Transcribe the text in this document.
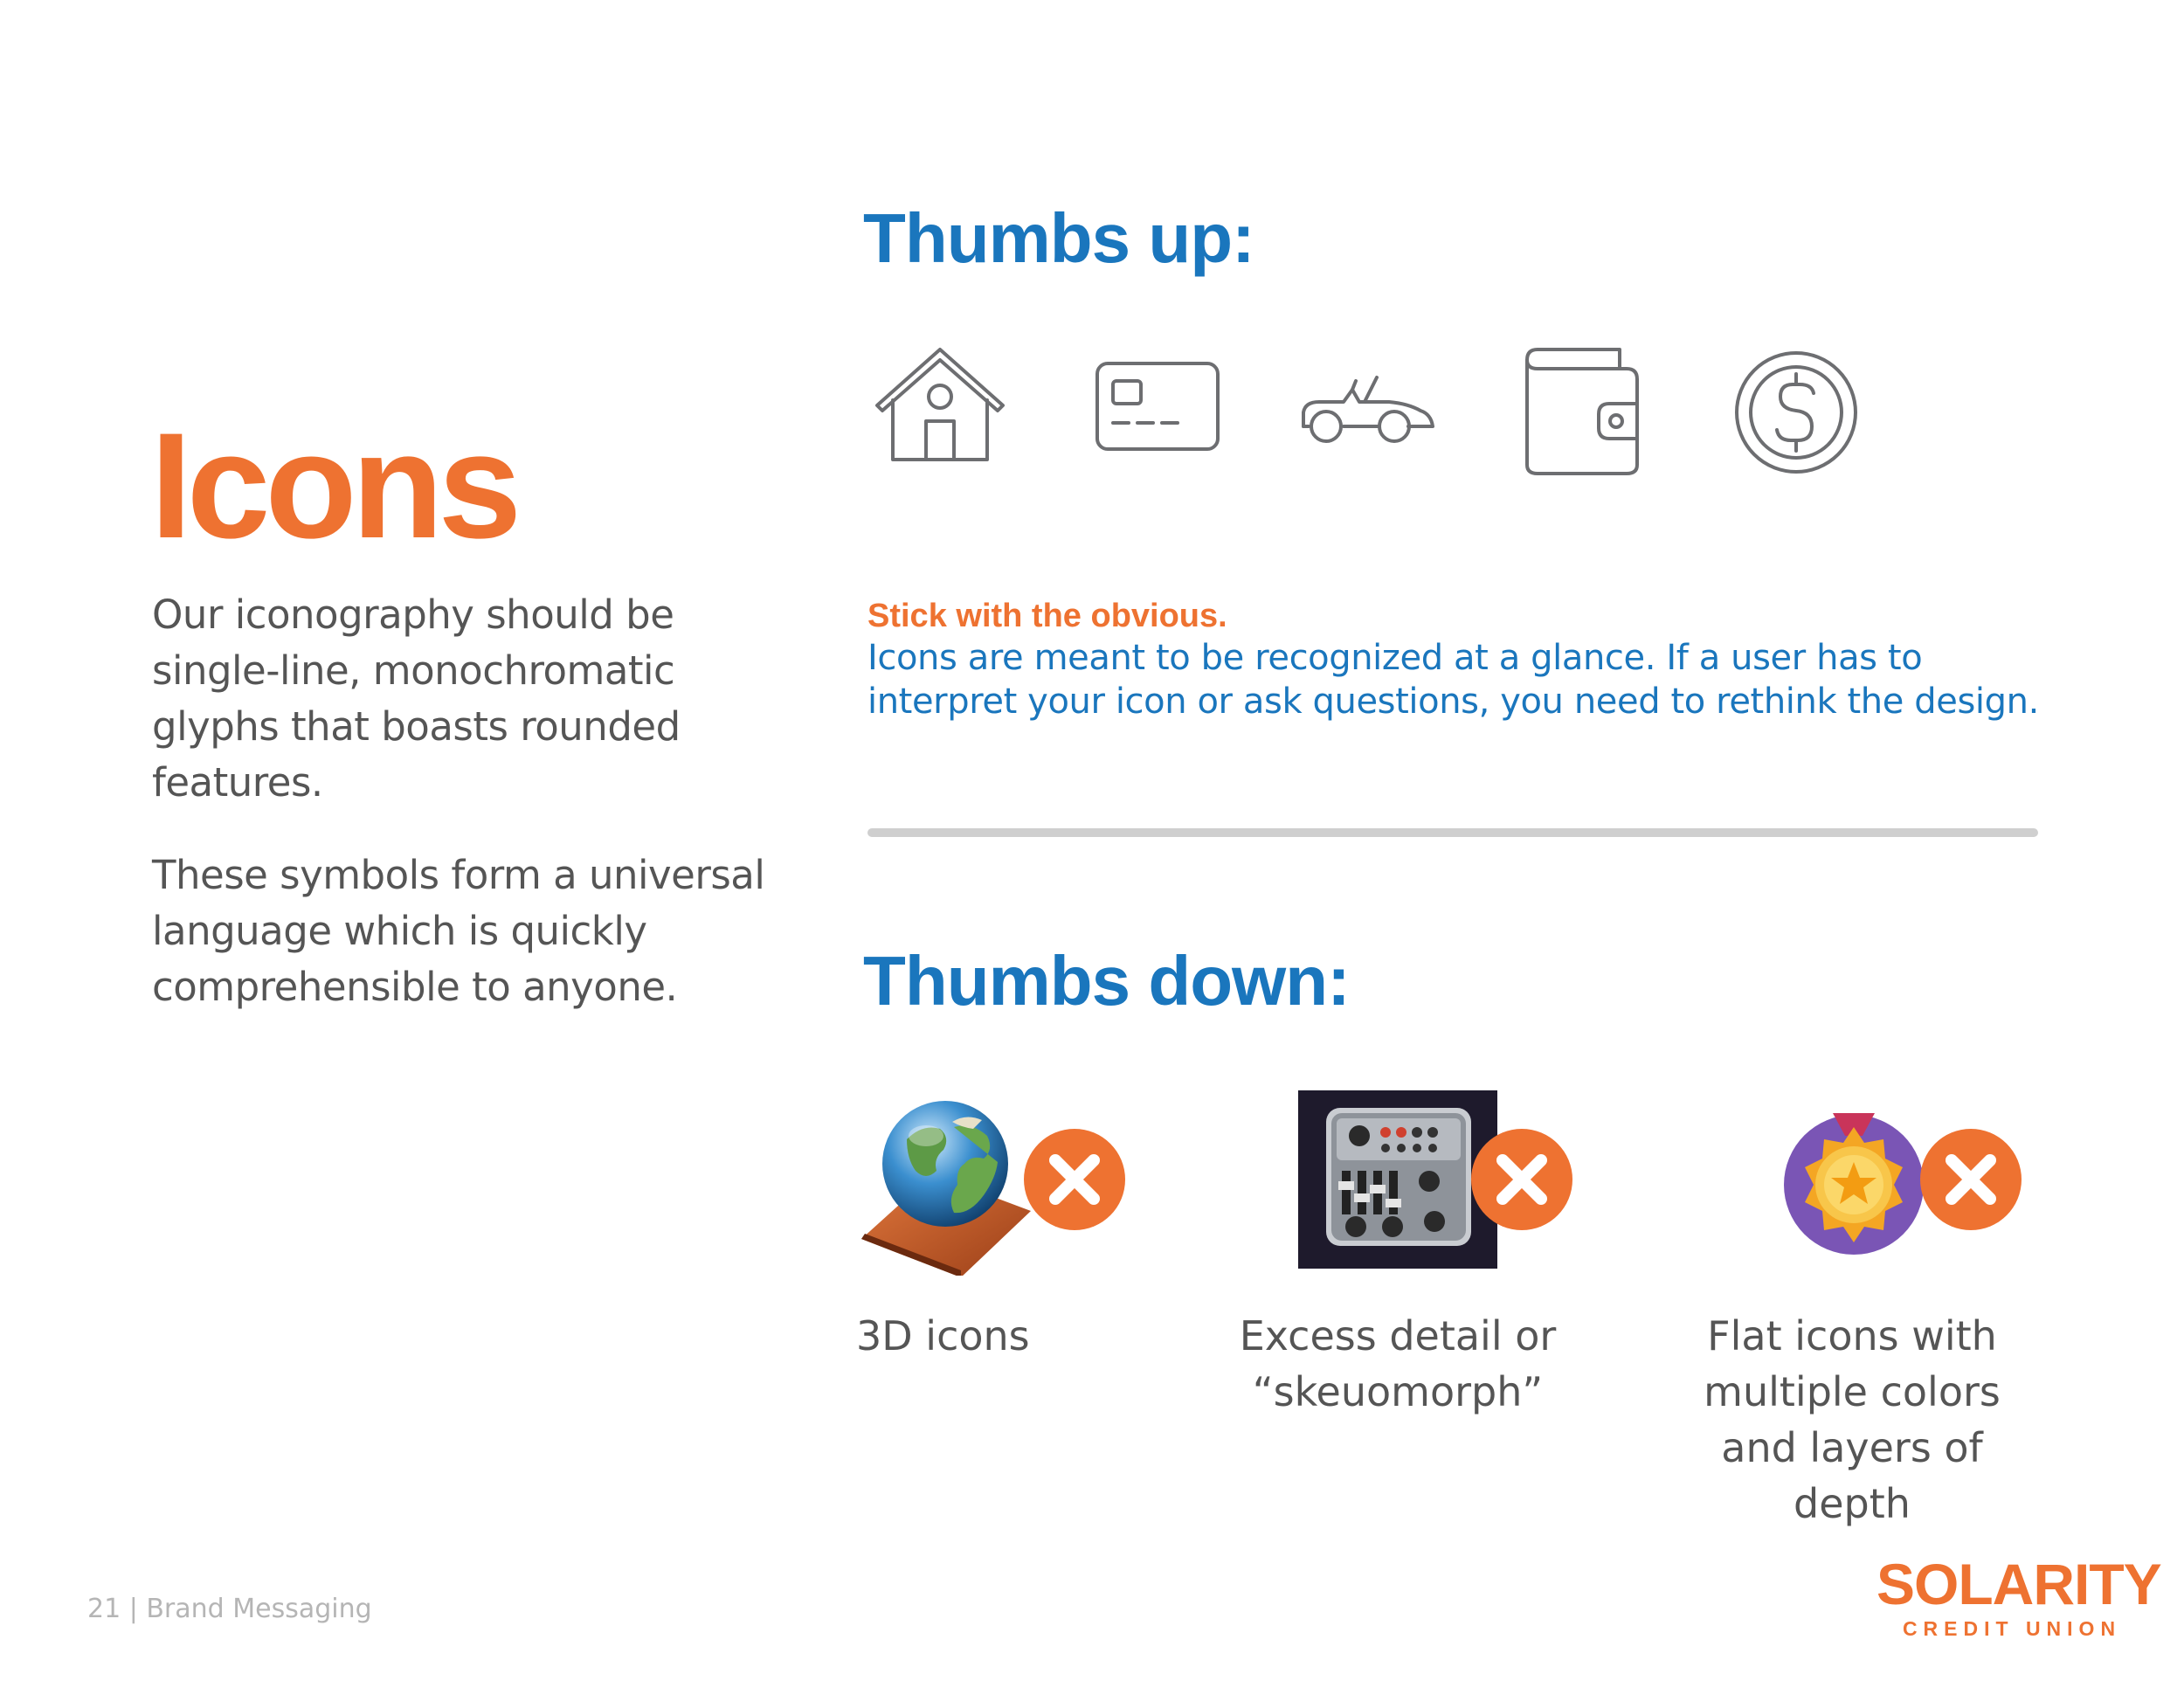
Icons

Our iconography should be single-line, monochromatic glyphs that boasts rounded features.

These symbols form a universal language which is quickly comprehensible to anyone.

Thumbs up:

Stick with the obvious.

Icons are meant to be recognized at a glance. If a user has to interpret your icon or ask questions, you need to rethink the design.

Thumbs down:

3D icons	Excess detail or “skeuomorph”

Flat icons with multiple colors and layers of depth

21 | Brand Messaging	SOLARITY
CREDIT UNION
